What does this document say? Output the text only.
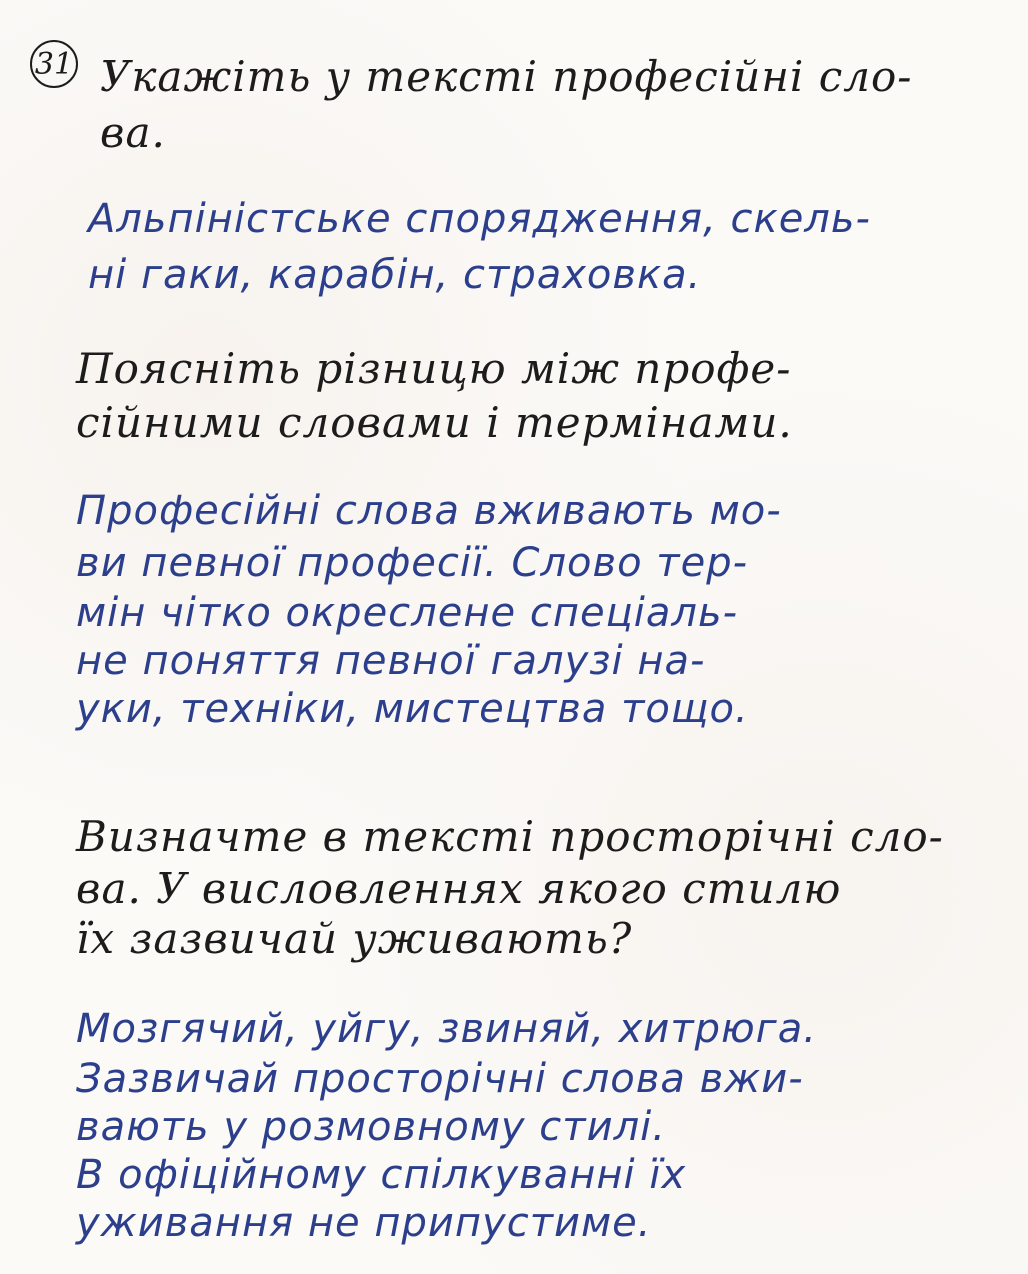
31 Укажіть у тексті професійні сло-
ва.
Альпіністське спорядження, скель-
ні гаки, карабін, страховка.
Поясніть різницю між профе-
сійними словами і термінами.
Професійні слова вживають мо-
ви певної професії. Слово тер-
мін чітко окреслене спеціаль-
не поняття певної галузі на-
уки, техніки, мистецтва тощо.
Визначте в тексті просторічні сло-
ва. У висловленнях якого стилю
їх зазвичай уживають?
Мозгячий, уйгу, звиняй, хитрюга.
Зазвичай просторічні слова вжи-
вають у розмовному стилі.
В офіційному спілкуванні їх
уживання не припустиме.
